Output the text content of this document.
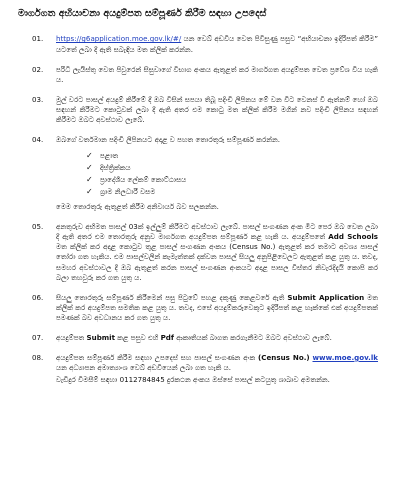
මාර්ගගත අභියාචනා අයදුම්පත සම්පූර්ණ කිරීම සඳහා උපදෙස්
01.	https://g6application.moe.gov.lk/#/ යන වෙබ් අඩවිය වෙත පිවිසුණු පසුව “අභියාචනා ඉදිරිපත් කිරීම” යටතේ ලබා දී ඇති සබැඳිය මත ක්ලික් කරන්න.
02.	පරිධි ලැයිස්තු වෙත පිවුරෙන් සිසුවාගේ විභාග අංකය ඇතුළත් කර මාර්ගගත අයදුම්පත වෙත ප්‍රවේශ විය හැකි ය.
03.	මුල් වරට පාසල් අයදුම් කිරීමේ දී ඔබ විසින් සපයා තිබූ පදිංචි ලිපිනය මේ වන විට වෙනස් වී ඇත්නම් හෝ ඔබ සඳහන් කිරීමට කොටුවක් ලබා දී ඇති අතර එම කොටු මත ක්ලික් කිරීම මගින් නව පදිංචි ලිපිනය සඳහන් කිරීමට ඔබට අවස්ථාව ලැබේ.
04.	ඔබගේ වර්තමාන පදිංචි ලිපිනයට අදාළ ව පහත තොරතුරු සම්පූර්ණ කරන්න.
✓	පළාත
✓	දිස්ත්‍රික්කය
✓	ප්‍රාදේශීය ලේකම් කොට්ඨාසය
✓	ග්‍රාම නිලධාරී වසම
මෙම තොරතුරු ඇතුළත් කිරීම අනිවාර්ය බව සලකන්න.
05.	අනතුරුව අභිමත පාසල් 03ක් ඉල්ලුම් කිරීමට අවස්ථාව ලැබේ. පාසල් සංගණන අංක මීට පෙර ඔබ වෙත ලබා දී ඇති අතර එම තොරතුරු අනුව මාර්ගගත අයදුම්පත සම්පූර්ණ කළ හැකි ය. අයදුම්පතේ Add Schools මත ක්ලික් කර අදාළ කොටුව තුළ පාසල් සංගණන අංකය (Census No.) ඇතුළත් කර තමාට අවශ්‍ය පාසල් තෝරා ගත හැකිය. එම පාසල්වලින් කැමැත්තක් දක්වන පාසල් සියලු අනුපිළිවෙලට ඇතුළත් කළ යුතු ය. තවද, සමහර අවස්ථාවල දී ඔබ ඇතුළත් කරන පාසල් සංගණන අංකයට අදාළ පාසල විස්තර නිවැරදිදැයි කොපි කර බලා තහවුරු කර ගත යුතු ය.
06.	සියලු තොරතුරු සම්පූර්ණ කිරීමෙන් පසු පිටුවේ පහළ දකුණු කෙළවරේ ඇති Submit Application මත ක්ලික් කර අයදුම්පත සමතික කළ යුතු ය. තවද, එසේ අයදුම්කරුවෙකුට ඉදිරිපත් කළ හැක්කේ එක් අයදුම්පතක් පමණක් බව අවධානය කර ගත යුතු ය.
07.	අයදුම්පත Submit කළ පසුව එහි Pdf ආකෘතියක් බාගත කරගැනීමට ඔබට අවස්ථාව ලැබේ.
08.	අයදුම්පත සම්පූර්ණ කිරීම සඳහා උපදෙස් සහ පාසල් සංගණන අංක (Census No.) www.moe.gov.lk යන අධ්‍යාපන අමාත්‍යාංශ වෙබ් අඩවියෙන් ලබා ගත හැකි ය.
වැඩිදුර විමසීම් සඳහා 0112784845 දුරකථන අංකය ඔස්සේ පාසල් කටයුතු ශාඛාව අමතන්න.
